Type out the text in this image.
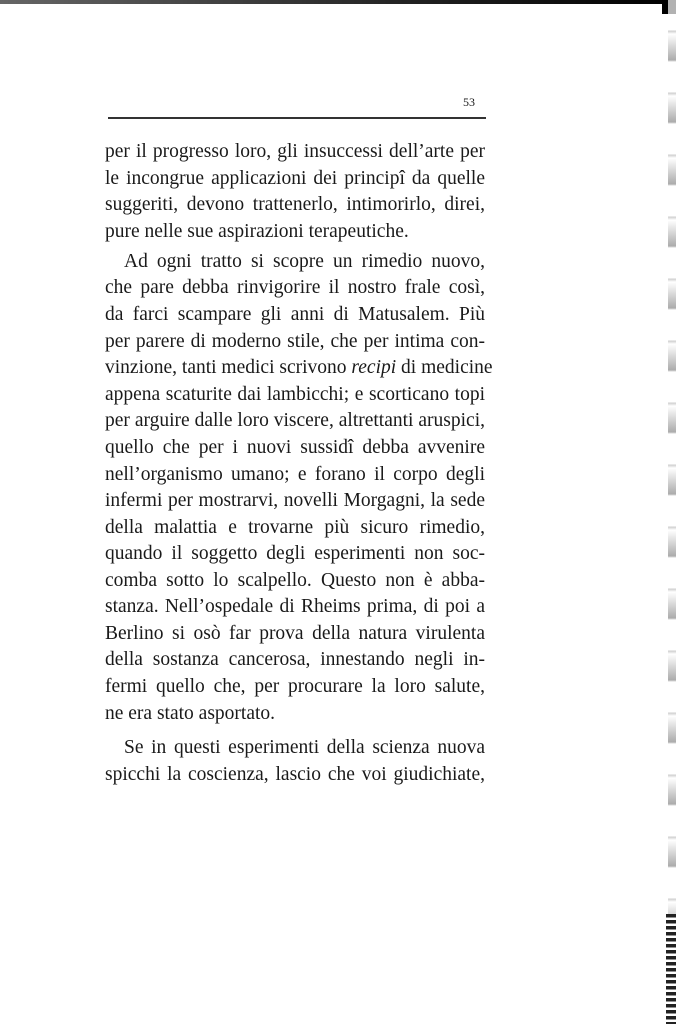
53
per il progresso loro, gli insuccessi dell’arte per
le incongrue applicazioni dei principî da quelle
suggeriti, devono trattenerlo, intimorirlo, direi,
pure nelle sue aspirazioni terapeutiche.
Ad ogni tratto si scopre un rimedio nuovo,
che pare debba rinvigorire il nostro frale così,
da farci scampare gli anni di Matusalem. Più
per parere di moderno stile, che per intima con-
vinzione, tanti medici scrivono recipi di medicine
appena scaturite dai lambicchi; e scorticano topi
per arguire dalle loro viscere, altrettanti aruspici,
quello che per i nuovi sussidî debba avvenire
nell’organismo umano; e forano il corpo degli
infermi per mostrarvi, novelli Morgagni, la sede
della malattia e trovarne più sicuro rimedio,
quando il soggetto degli esperimenti non soc-
comba sotto lo scalpello. Questo non è abba-
stanza. Nell’ospedale di Rheims prima, di poi a
Berlino si osò far prova della natura virulenta
della sostanza cancerosa, innestando negli in-
fermi quello che, per procurare la loro salute,
ne era stato asportato.
Se in questi esperimenti della scienza nuova
spicchi la coscienza, lascio che voi giudichiate,
